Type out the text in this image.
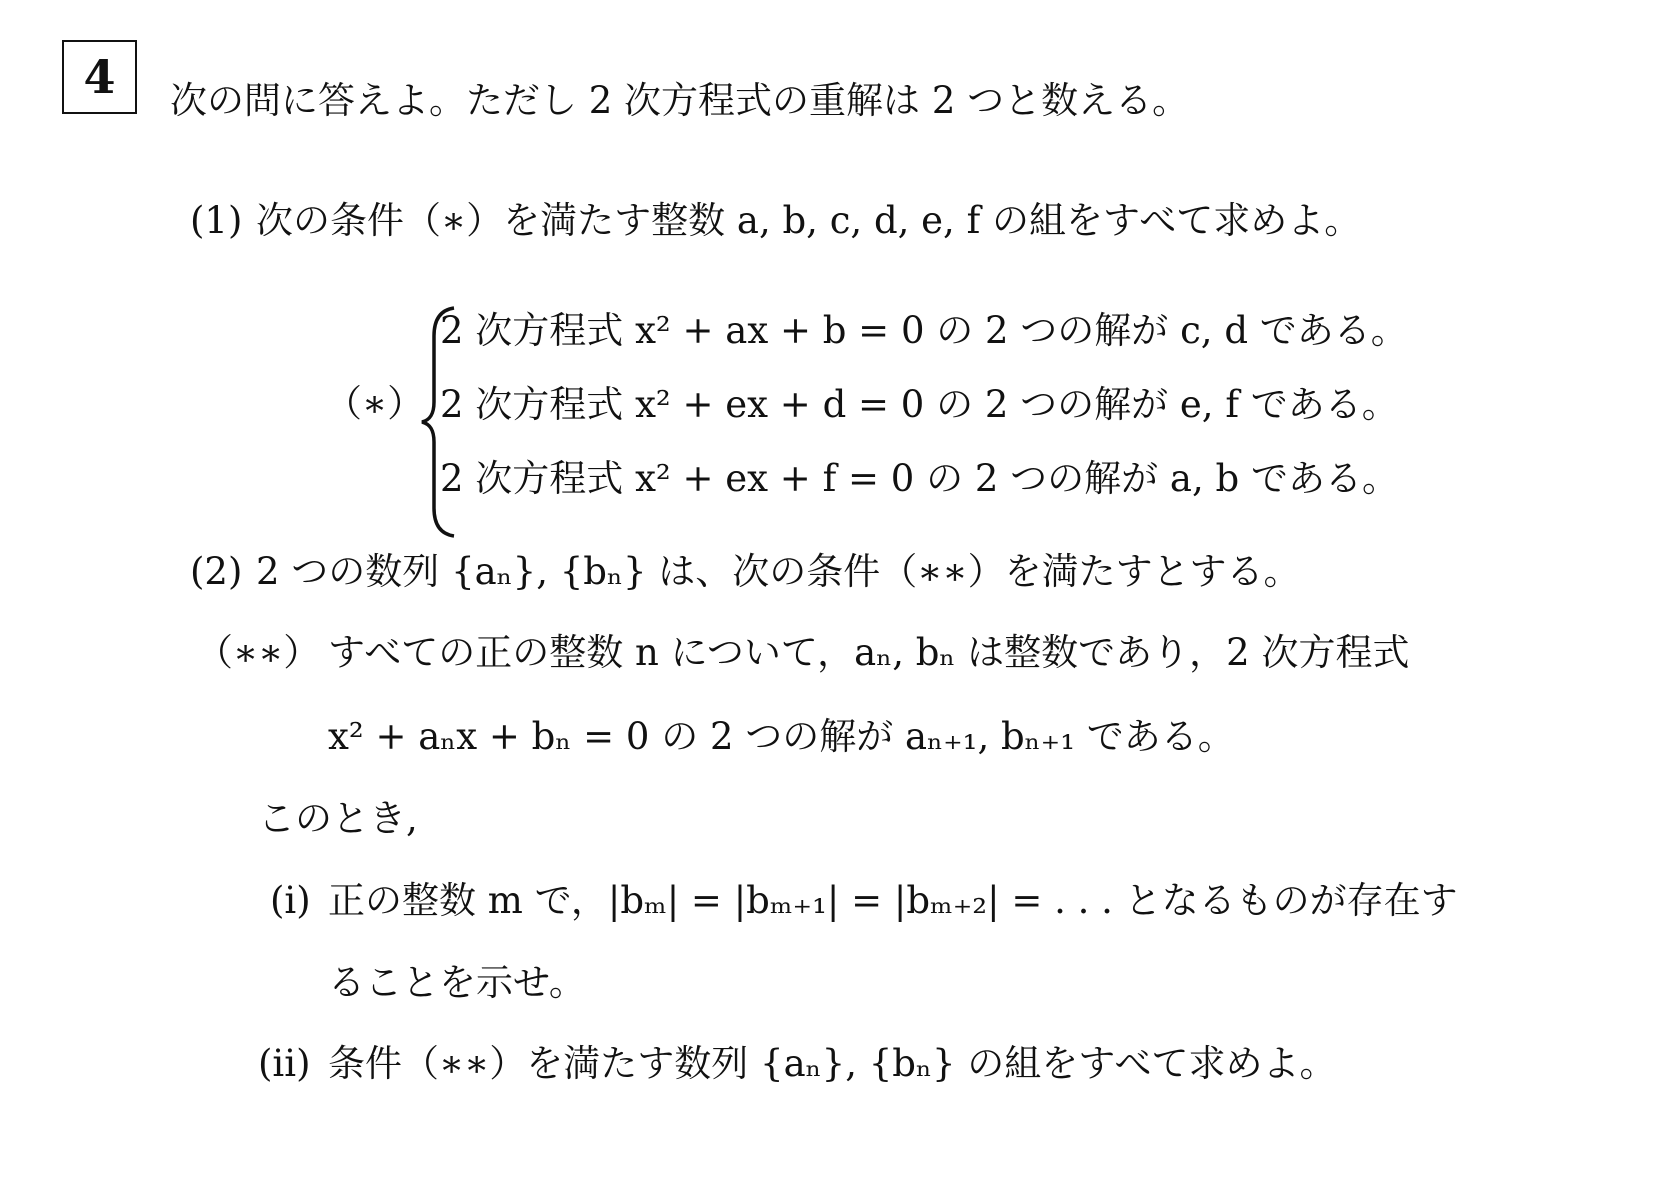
4 次の問に答えよ。ただし 2 次方程式の重解は 2 つと数える。
(1) 次の条件（∗）を満たす整数 a, b, c, d, e, f の組をすべて求めよ。
（∗）
2 次方程式 x² + ax + b = 0 の 2 つの解が c, d である。
2 次方程式 x² + ex + d = 0 の 2 つの解が e, f である。
2 次方程式 x² + ex + f = 0 の 2 つの解が a, b である。
(2) 2 つの数列 {aₙ}, {bₙ} は、次の条件（∗∗）を満たすとする。
（∗∗） すべての正の整数 n について，aₙ, bₙ は整数であり，2 次方程式
x² + aₙx + bₙ = 0 の 2 つの解が aₙ₊₁, bₙ₊₁ である。
このとき,
(i) 正の整数 m で，|bₘ| = |bₘ₊₁| = |bₘ₊₂| = . . . となるものが存在す
ることを示せ。
(ii) 条件（∗∗）を満たす数列 {aₙ}, {bₙ} の組をすべて求めよ。
